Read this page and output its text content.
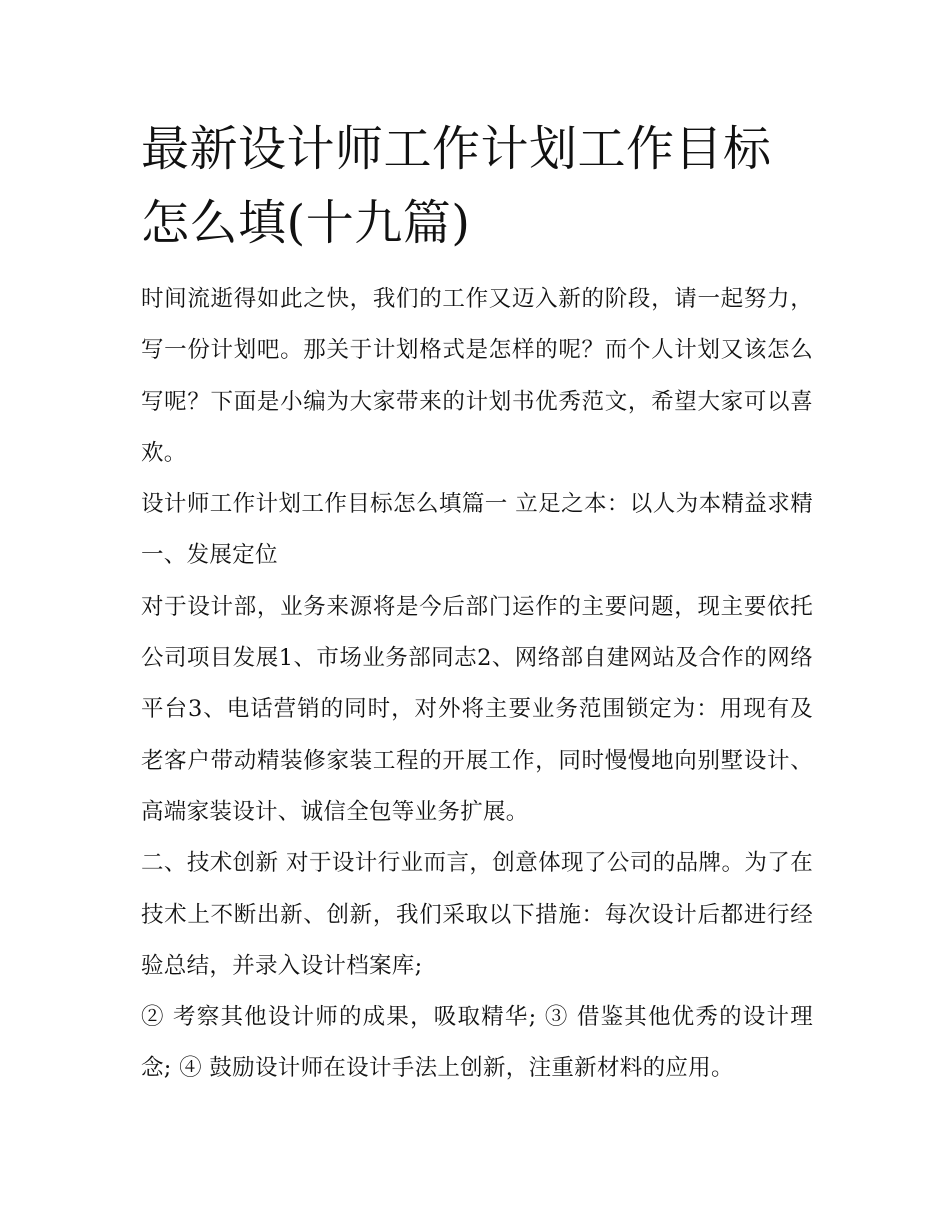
最新设计师工作计划工作目标怎么填(十九篇)

时间流逝得如此之快，我们的工作又迈入新的阶段，请一起努力，写一份计划吧。那关于计划格式是怎样的呢？而个人计划又该怎么写呢？下面是小编为大家带来的计划书优秀范文，希望大家可以喜欢。

设计师工作计划工作目标怎么填篇一 立足之本：以人为本精益求精 一、发展定位

对于设计部，业务来源将是今后部门运作的主要问题，现主要依托公司项目发展1、市场业务部同志2、网络部自建网站及合作的网络平台3、电话营销的同时，对外将主要业务范围锁定为：用现有及老客户带动精装修家装工程的开展工作，同时慢慢地向别墅设计、高端家装设计、诚信全包等业务扩展。

二、技术创新 对于设计行业而言，创意体现了公司的品牌。为了在技术上不断出新、创新，我们采取以下措施：每次设计后都进行经验总结，并录入设计档案库;

② 考察其他设计师的成果，吸取精华; ③ 借鉴其他优秀的设计理念; ④ 鼓励设计师在设计手法上创新，注重新材料的应用。
